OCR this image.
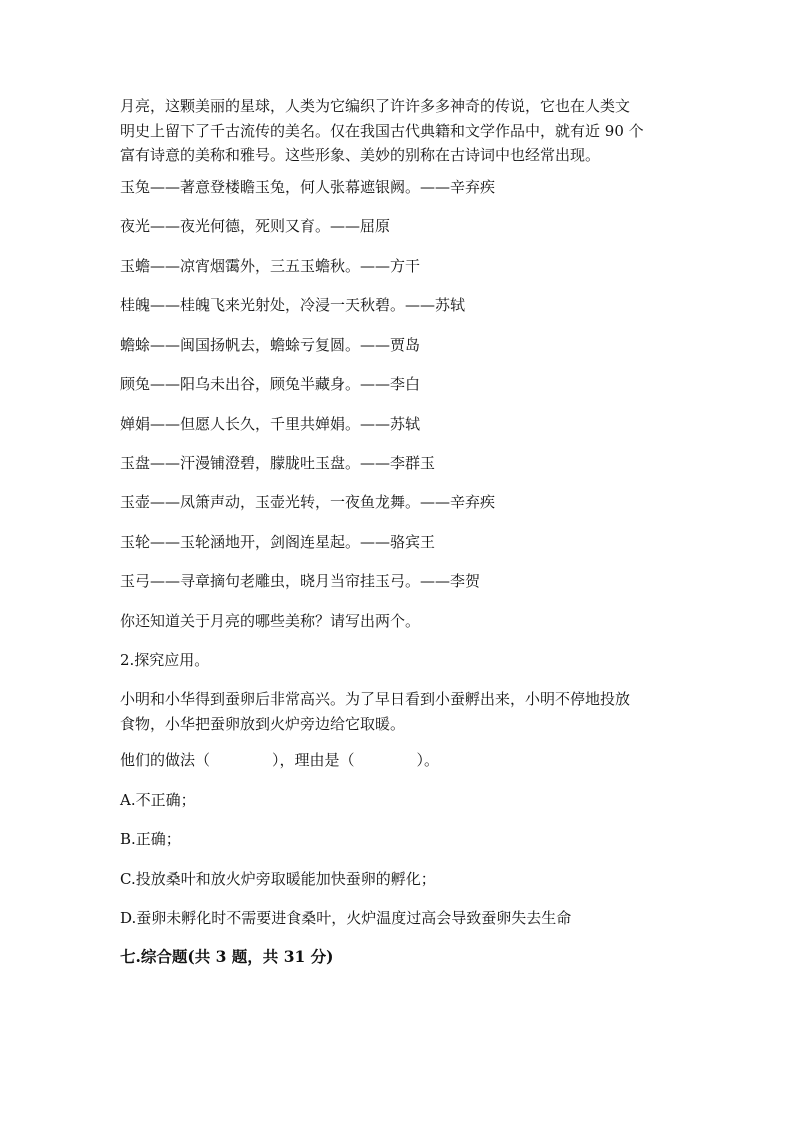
月亮，这颗美丽的星球，人类为它编织了许许多多神奇的传说，它也在人类文
明史上留下了千古流传的美名。仅在我国古代典籍和文学作品中，就有近 90 个
富有诗意的美称和雅号。这些形象、美妙的别称在古诗词中也经常出现。
玉兔——著意登楼瞻玉兔，何人张幕遮银阙。——辛弃疾
夜光——夜光何德，死则又育。——屈原
玉蟾——凉宵烟霭外，三五玉蟾秋。——方干
桂魄——桂魄飞来光射处，冷浸一天秋碧。——苏轼
蟾蜍——闽国扬帆去，蟾蜍亏复圆。——贾岛
顾兔——阳乌未出谷，顾兔半藏身。——李白
婵娟——但愿人长久，千里共婵娟。——苏轼
玉盘——汗漫铺澄碧，朦胧吐玉盘。——李群玉
玉壶——凤箫声动，玉壶光转，一夜鱼龙舞。——辛弃疾
玉轮——玉轮涵地开，剑阁连星起。——骆宾王
玉弓——寻章摘句老雕虫，晓月当帘挂玉弓。——李贺
你还知道关于月亮的哪些美称？请写出两个。
2.探究应用。
小明和小华得到蚕卵后非常高兴。为了早日看到小蚕孵出来，小明不停地投放
食物，小华把蚕卵放到火炉旁边给它取暖。
他们的做法（	），理由是（	）。
A.不正确；
B.正确；
C.投放桑叶和放火炉旁取暖能加快蚕卵的孵化；
D.蚕卵未孵化时不需要进食桑叶，火炉温度过高会导致蚕卵失去生命
七.综合题(共 3 题，共 31 分)
